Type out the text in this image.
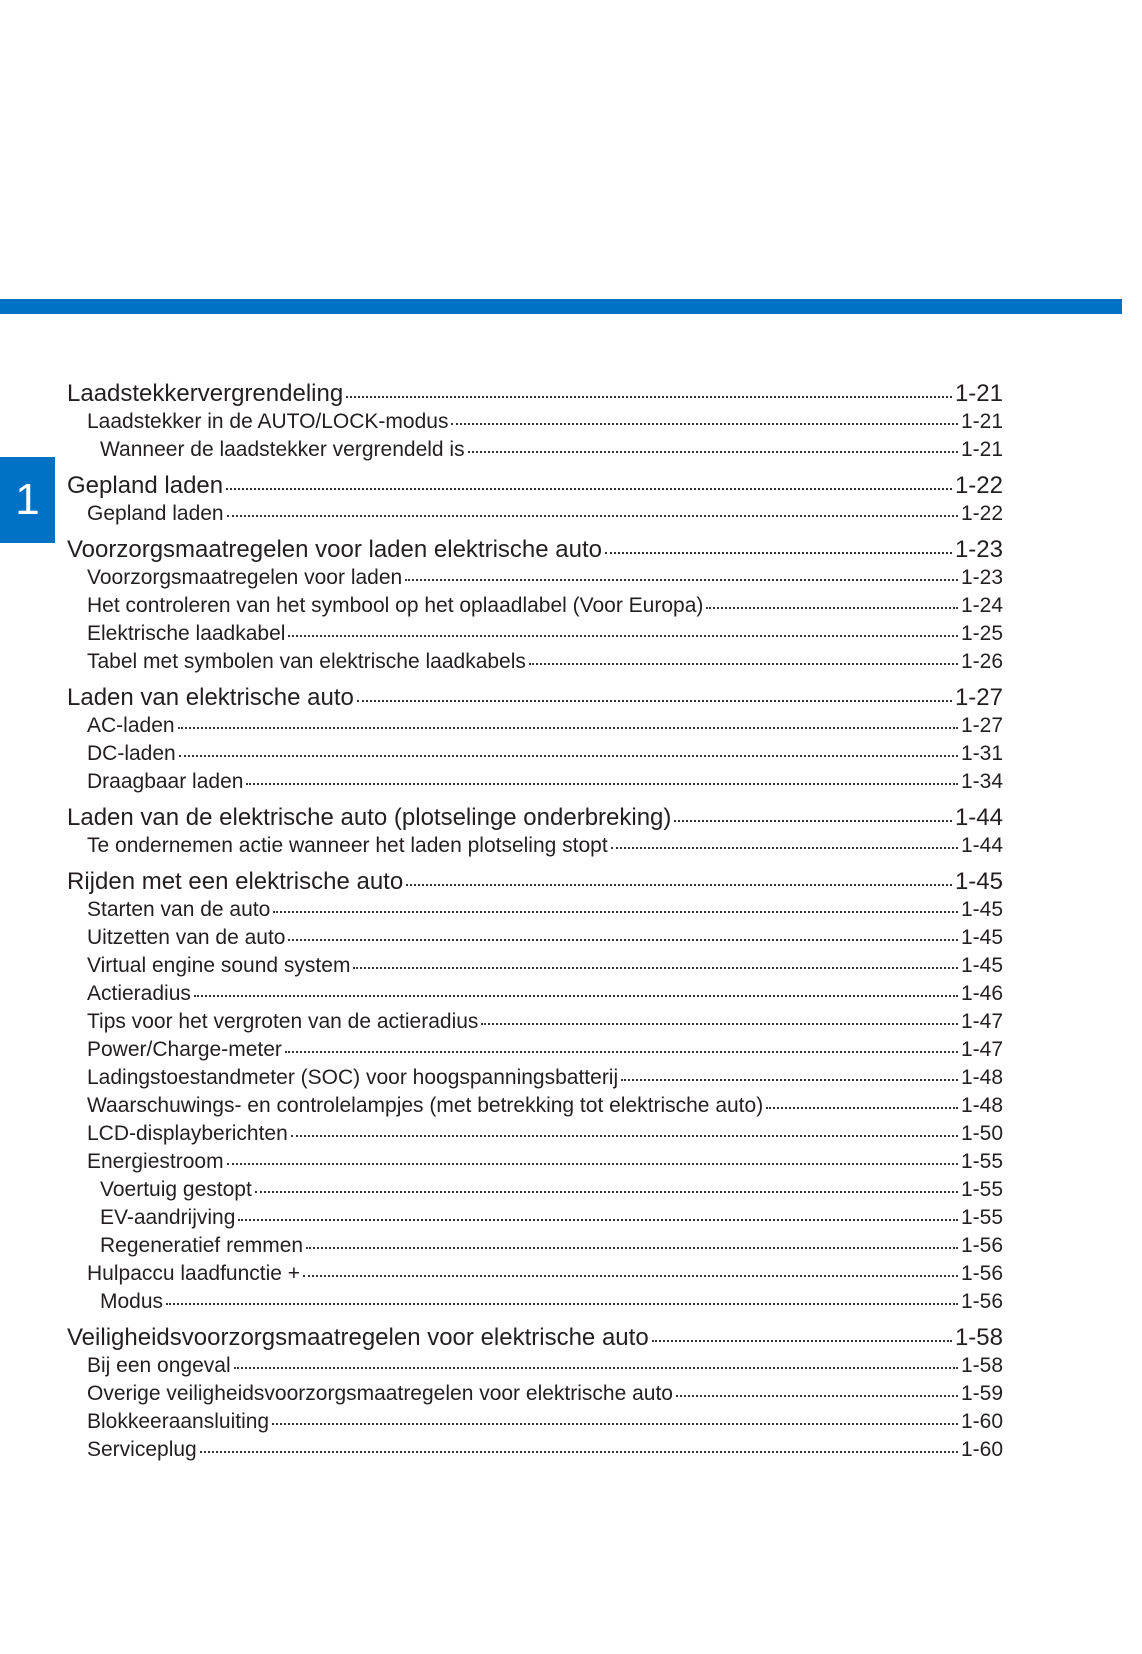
1
Laadstekkervergrendeling	1-21
Laadstekker in de AUTO/LOCK-modus	1-21
Wanneer de laadstekker vergrendeld is	1-21
Gepland laden	1-22
Gepland laden	1-22
Voorzorgsmaatregelen voor laden elektrische auto	1-23
Voorzorgsmaatregelen voor laden	1-23
Het controleren van het symbool op het oplaadlabel (Voor Europa)	1-24
Elektrische laadkabel	1-25
Tabel met symbolen van elektrische laadkabels	1-26
Laden van elektrische auto	1-27
AC-laden	1-27
DC-laden	1-31
Draagbaar laden	1-34
Laden van de elektrische auto (plotselinge onderbreking)	1-44
Te ondernemen actie wanneer het laden plotseling stopt	1-44
Rijden met een elektrische auto	1-45
Starten van de auto	1-45
Uitzetten van de auto	1-45
Virtual engine sound system	1-45
Actieradius	1-46
Tips voor het vergroten van de actieradius	1-47
Power/Charge-meter	1-47
Ladingstoestandmeter (SOC) voor hoogspanningsbatterij	1-48
Waarschuwings- en controlelampjes (met betrekking tot elektrische auto)	1-48
LCD-displayberichten	1-50
Energiestroom	1-55
Voertuig gestopt	1-55
EV-aandrijving	1-55
Regeneratief remmen	1-56
Hulpaccu laadfunctie +	1-56
Modus	1-56
Veiligheidsvoorzorgsmaatregelen voor elektrische auto	1-58
Bij een ongeval	1-58
Overige veiligheidsvoorzorgsmaatregelen voor elektrische auto	1-59
Blokkeeraansluiting	1-60
Serviceplug	1-60
